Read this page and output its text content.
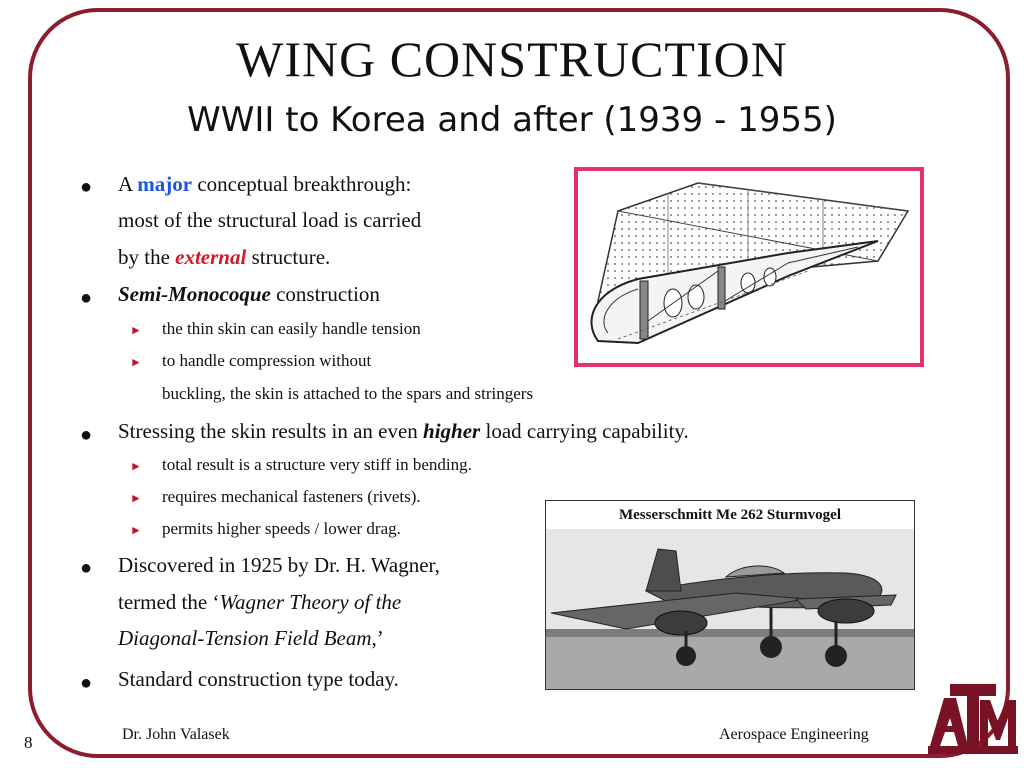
WING CONSTRUCTION
WWII to Korea and after (1939 - 1955)
● A major conceptual breakthrough:
most of the structural load is carried
by the external structure.
● Semi-Monocoque construction
► the thin skin can easily handle tension
► to handle compression without
buckling, the skin is attached to the spars and stringers
● Stressing the skin results in an even higher load carrying capability.
► total result is a structure very stiff in bending.
► requires mechanical fasteners (rivets).
► permits higher speeds / lower drag.
● Discovered in 1925 by Dr. H. Wagner,
termed the ‘Wagner Theory of the
Diagonal-Tension Field Beam,’
● Standard construction type today.
Messerschmitt Me 262 Sturmvogel
8	Dr. John Valasek	Aerospace Engineering
